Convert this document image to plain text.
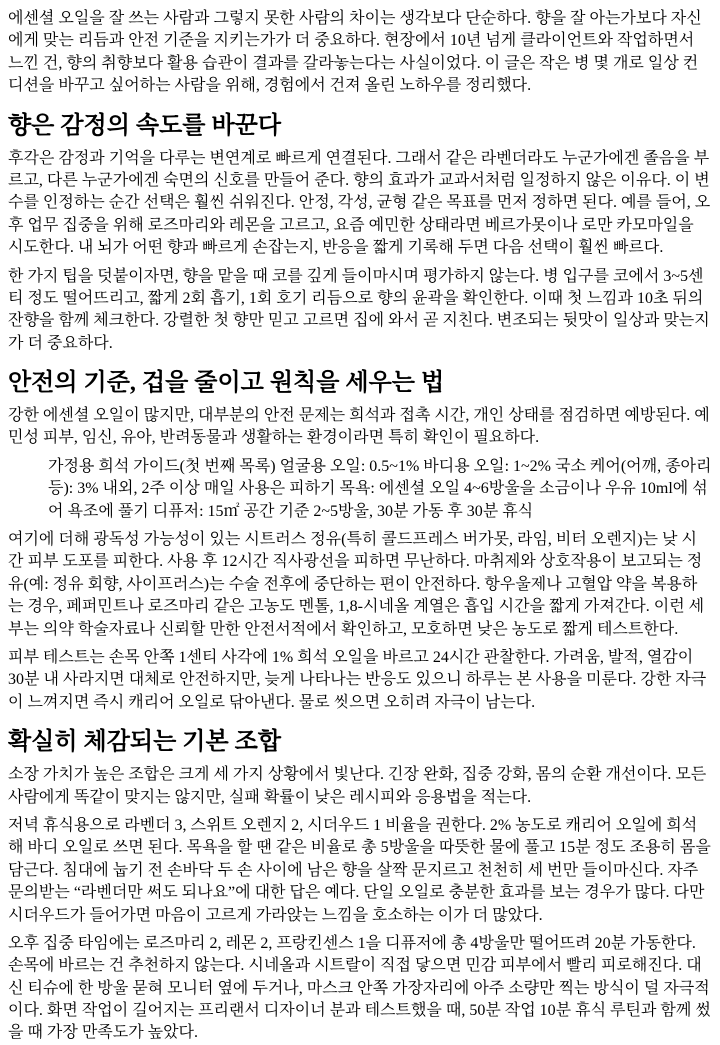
에센셜 오일을 잘 쓰는 사람과 그렇지 못한 사람의 차이는 생각보다 단순하다. 향을 잘 아는가보다 자신에게 맞는 리듬과 안전 기준을 지키는가가 더 중요하다. 현장에서 10년 넘게 클라이언트와 작업하면서 느낀 건, 향의 취향보다 활용 습관이 결과를 갈라놓는다는 사실이었다. 이 글은 작은 병 몇 개로 일상 컨디션을 바꾸고 싶어하는 사람을 위해, 경험에서 건져 올린 노하우를 정리했다.

향은 감정의 속도를 바꾼다

후각은 감정과 기억을 다루는 변연계로 빠르게 연결된다. 그래서 같은 라벤더라도 누군가에겐 졸음을 부르고, 다른 누군가에겐 숙면의 신호를 만들어 준다. 향의 효과가 교과서처럼 일정하지 않은 이유다. 이 변수를 인정하는 순간 선택은 훨씬 쉬워진다. 안정, 각성, 균형 같은 목표를 먼저 정하면 된다. 예를 들어, 오후 업무 집중을 위해 로즈마리와 레몬을 고르고, 요즘 예민한 상태라면 베르가못이나 로만 카모마일을 시도한다. 내 뇌가 어떤 향과 빠르게 손잡는지, 반응을 짧게 기록해 두면 다음 선택이 훨씬 빠르다.

한 가지 팁을 덧붙이자면, 향을 맡을 때 코를 깊게 들이마시며 평가하지 않는다. 병 입구를 코에서 3~5센티 정도 떨어뜨리고, 짧게 2회 흡기, 1회 호기 리듬으로 향의 윤곽을 확인한다. 이때 첫 느낌과 10초 뒤의 잔향을 함께 체크한다. 강렬한 첫 향만 믿고 고르면 집에 와서 곧 지친다. 변조되는 뒷맛이 일상과 맞는지가 더 중요하다.

안전의 기준, 겁을 줄이고 원칙을 세우는 법

강한 에센셜 오일이 많지만, 대부분의 안전 문제는 희석과 접촉 시간, 개인 상태를 점검하면 예방된다. 예민성 피부, 임신, 유아, 반려동물과 생활하는 환경이라면 특히 확인이 필요하다.

가정용 희석 가이드(첫 번째 목록) 얼굴용 오일: 0.5~1% 바디용 오일: 1~2% 국소 케어(어깨, 종아리 등): 3% 내외, 2주 이상 매일 사용은 피하기 목욕: 에센셜 오일 4~6방울을 소금이나 우유 10ml에 섞어 욕조에 풀기 디퓨저: 15㎡ 공간 기준 2~5방울, 30분 가동 후 30분 휴식

여기에 더해 광독성 가능성이 있는 시트러스 정유(특히 콜드프레스 버가못, 라임, 비터 오렌지)는 낮 시간 피부 도포를 피한다. 사용 후 12시간 직사광선을 피하면 무난하다. 마취제와 상호작용이 보고되는 정유(예: 정유 회향, 사이프러스)는 수술 전후에 중단하는 편이 안전하다. 항우울제나 고혈압 약을 복용하는 경우, 페퍼민트나 로즈마리 같은 고농도 멘톨, 1,8-시네올 계열은 흡입 시간을 짧게 가져간다. 이런 세부는 의약 학술자료나 신뢰할 만한 안전서적에서 확인하고, 모호하면 낮은 농도로 짧게 테스트한다.

피부 테스트는 손목 안쪽 1센티 사각에 1% 희석 오일을 바르고 24시간 관찰한다. 가려움, 발적, 열감이 30분 내 사라지면 대체로 안전하지만, 늦게 나타나는 반응도 있으니 하루는 본 사용을 미룬다. 강한 자극이 느껴지면 즉시 캐리어 오일로 닦아낸다. 물로 씻으면 오히려 자극이 남는다.

확실히 체감되는 기본 조합

소장 가치가 높은 조합은 크게 세 가지 상황에서 빛난다. 긴장 완화, 집중 강화, 몸의 순환 개선이다. 모든 사람에게 똑같이 맞지는 않지만, 실패 확률이 낮은 레시피와 응용법을 적는다.

저녁 휴식용으로 라벤더 3, 스위트 오렌지 2, 시더우드 1 비율을 권한다. 2% 농도로 캐리어 오일에 희석해 바디 오일로 쓰면 된다. 목욕을 할 땐 같은 비율로 총 5방울을 따뜻한 물에 풀고 15분 정도 조용히 몸을 담근다. 침대에 눕기 전 손바닥 두 손 사이에 남은 향을 살짝 문지르고 천천히 세 번만 들이마신다. 자주 문의받는 “라벤더만 써도 되나요”에 대한 답은 예다. 단일 오일로 충분한 효과를 보는 경우가 많다. 다만 시더우드가 들어가면 마음이 고르게 가라앉는 느낌을 호소하는 이가 더 많았다.

오후 집중 타임에는 로즈마리 2, 레몬 2, 프랑킨센스 1을 디퓨저에 총 4방울만 떨어뜨려 20분 가동한다. 손목에 바르는 건 추천하지 않는다. 시네올과 시트랄이 직접 닿으면 민감 피부에서 빨리 피로해진다. 대신 티슈에 한 방울 묻혀 모니터 옆에 두거나, 마스크 안쪽 가장자리에 아주 소량만 찍는 방식이 덜 자극적이다. 화면 작업이 길어지는 프리랜서 디자이너 분과 테스트했을 때, 50분 작업 10분 휴식 루틴과 함께 썼을 때 가장 만족도가 높았다.
